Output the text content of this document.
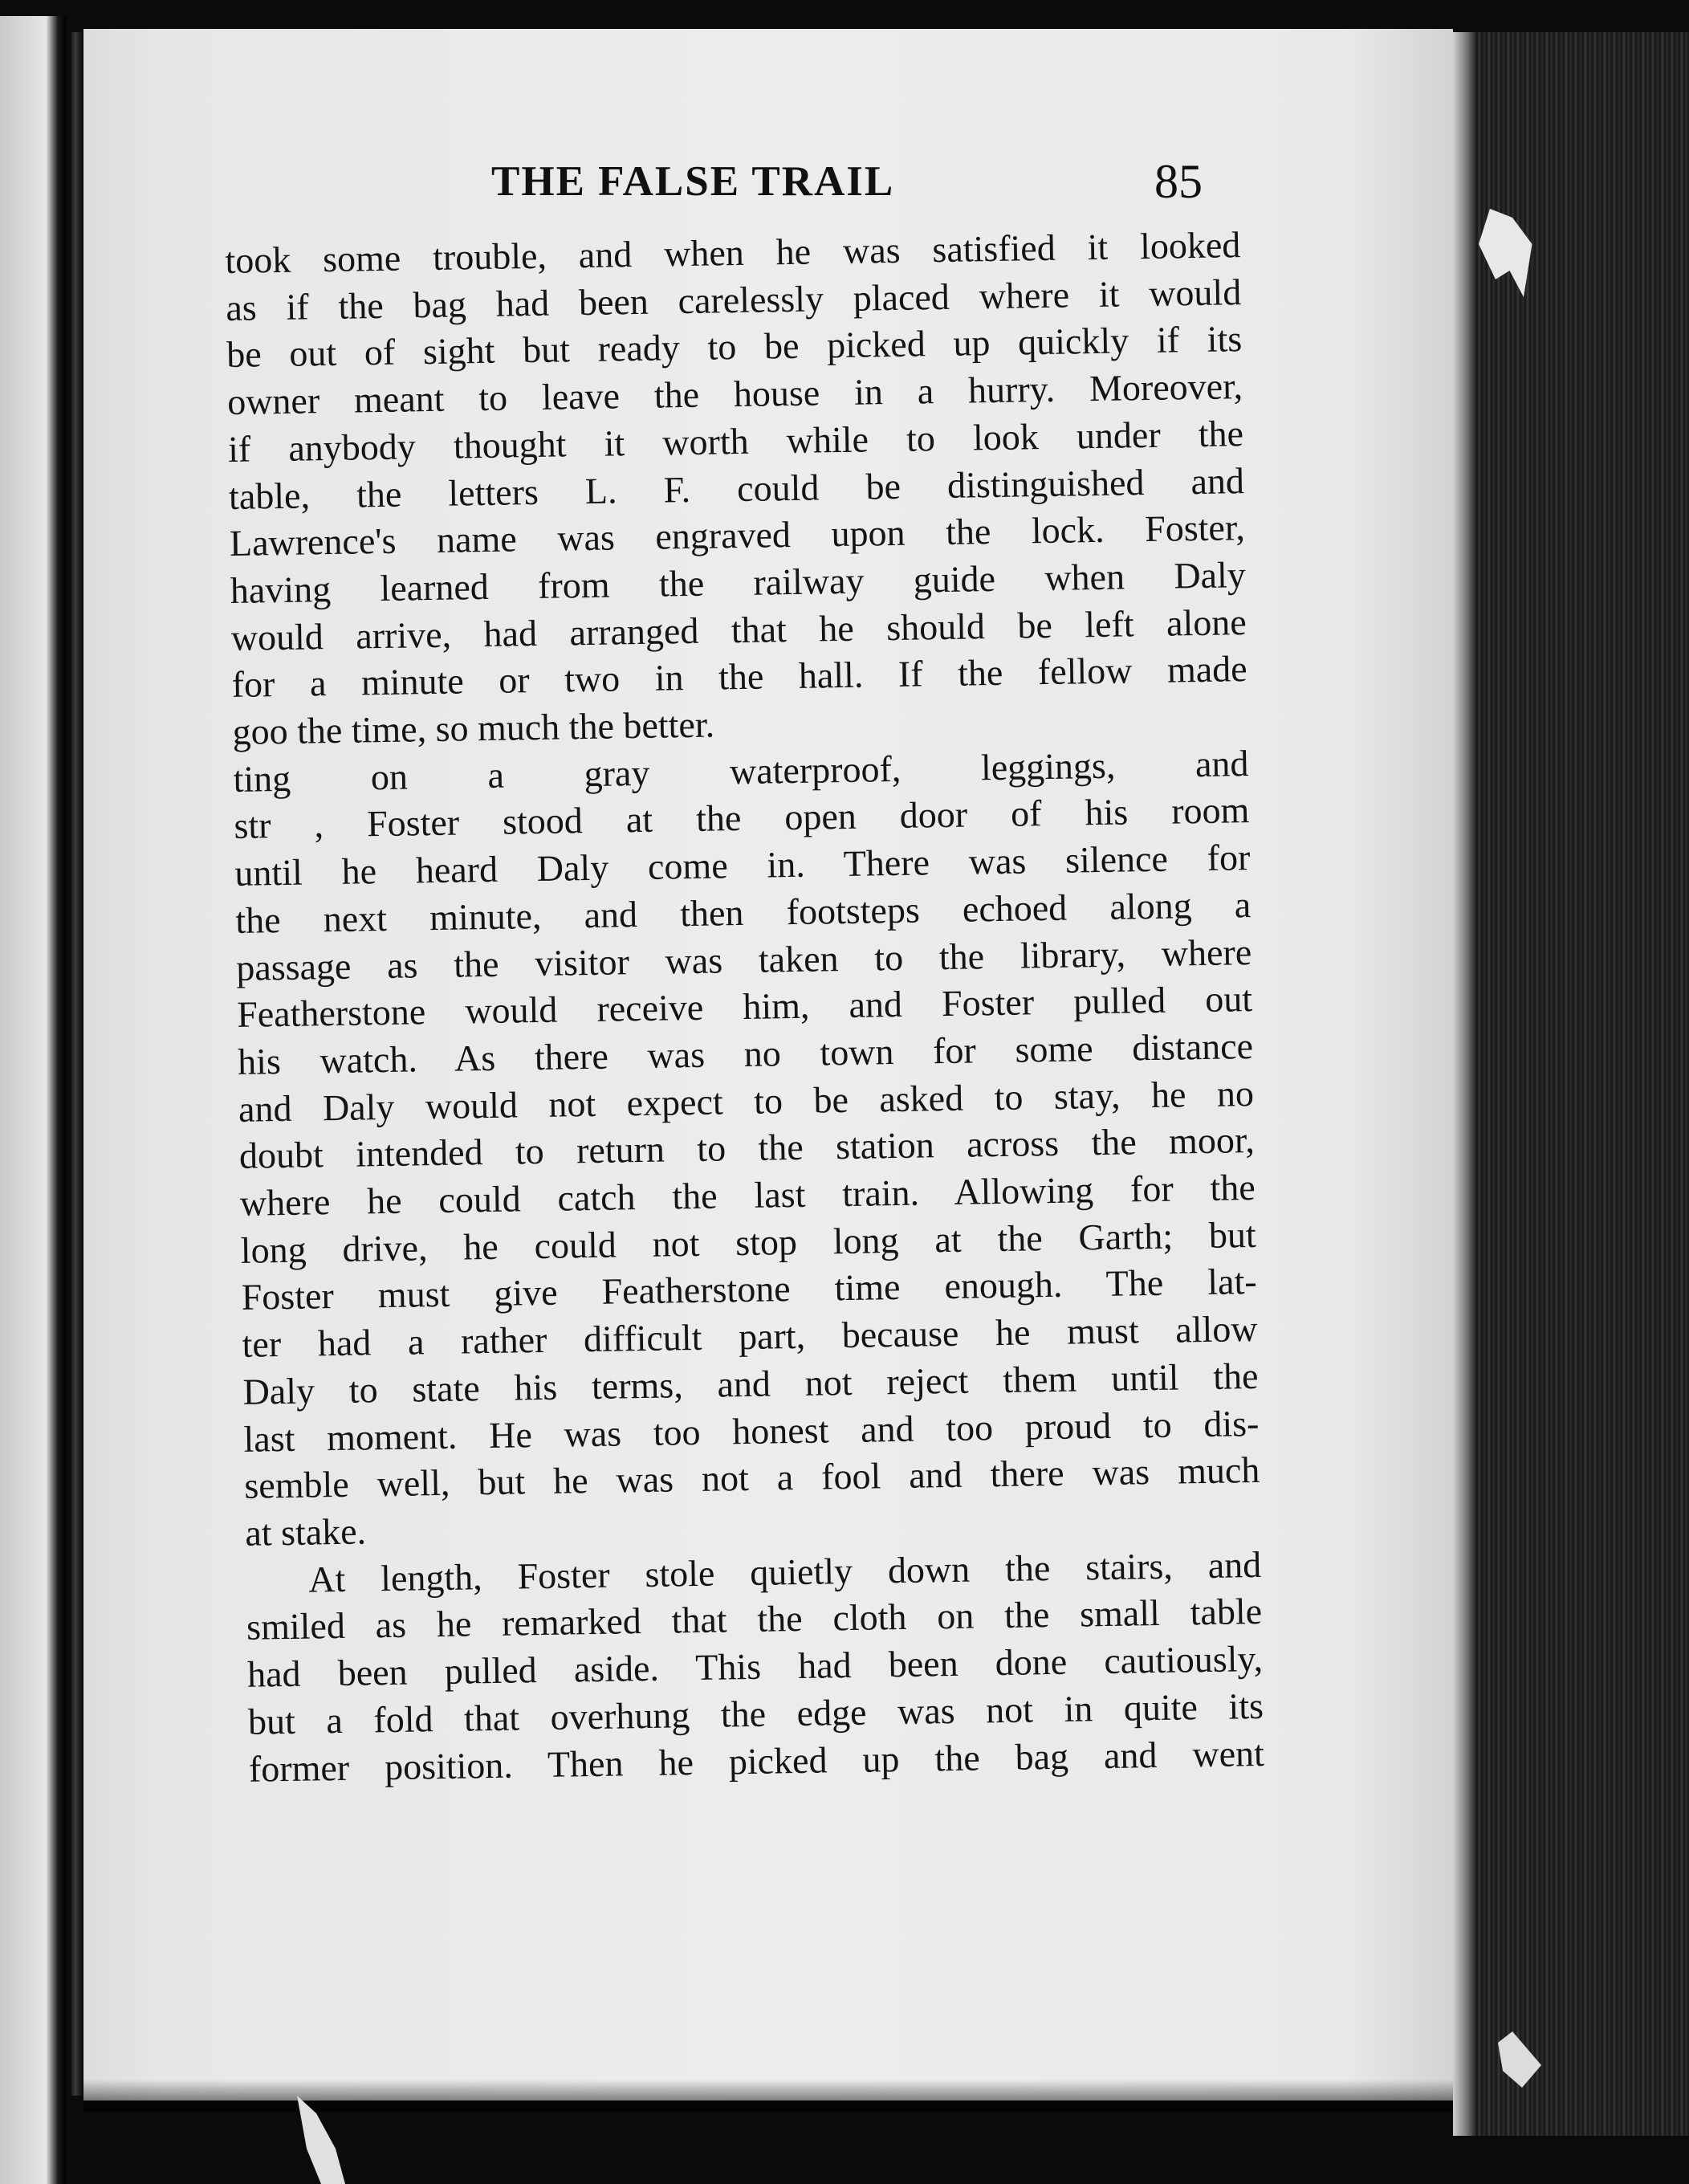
THE FALSE TRAIL	85
took some trouble, and when he was satisfied it looked
as if the bag had been carelessly placed where it would
be out of sight but ready to be picked up quickly if its
owner meant to leave the house in a hurry. Moreover,
if anybody thought it worth while to look under the
table, the letters L. F. could be distinguished and
Lawrence's name was engraved upon the lock. Foster,
having learned from the railway guide when Daly
would arrive, had arranged that he should be left alone
for a minute or two in the hall. If the fellow made
goo the time, so much the better.
ting on a gray waterproof, leggings, and
str , Foster stood at the open door of his room
until he heard Daly come in. There was silence for
the next minute, and then footsteps echoed along a
passage as the visitor was taken to the library, where
Featherstone would receive him, and Foster pulled out
his watch. As there was no town for some distance
and Daly would not expect to be asked to stay, he no
doubt intended to return to the station across the moor,
where he could catch the last train. Allowing for the
long drive, he could not stop long at the Garth; but
Foster must give Featherstone time enough. The lat-
ter had a rather difficult part, because he must allow
Daly to state his terms, and not reject them until the
last moment. He was too honest and too proud to dis-
semble well, but he was not a fool and there was much
at stake.
At length, Foster stole quietly down the stairs, and
smiled as he remarked that the cloth on the small table
had been pulled aside. This had been done cautiously,
but a fold that overhung the edge was not in quite its
former position. Then he picked up the bag and went
